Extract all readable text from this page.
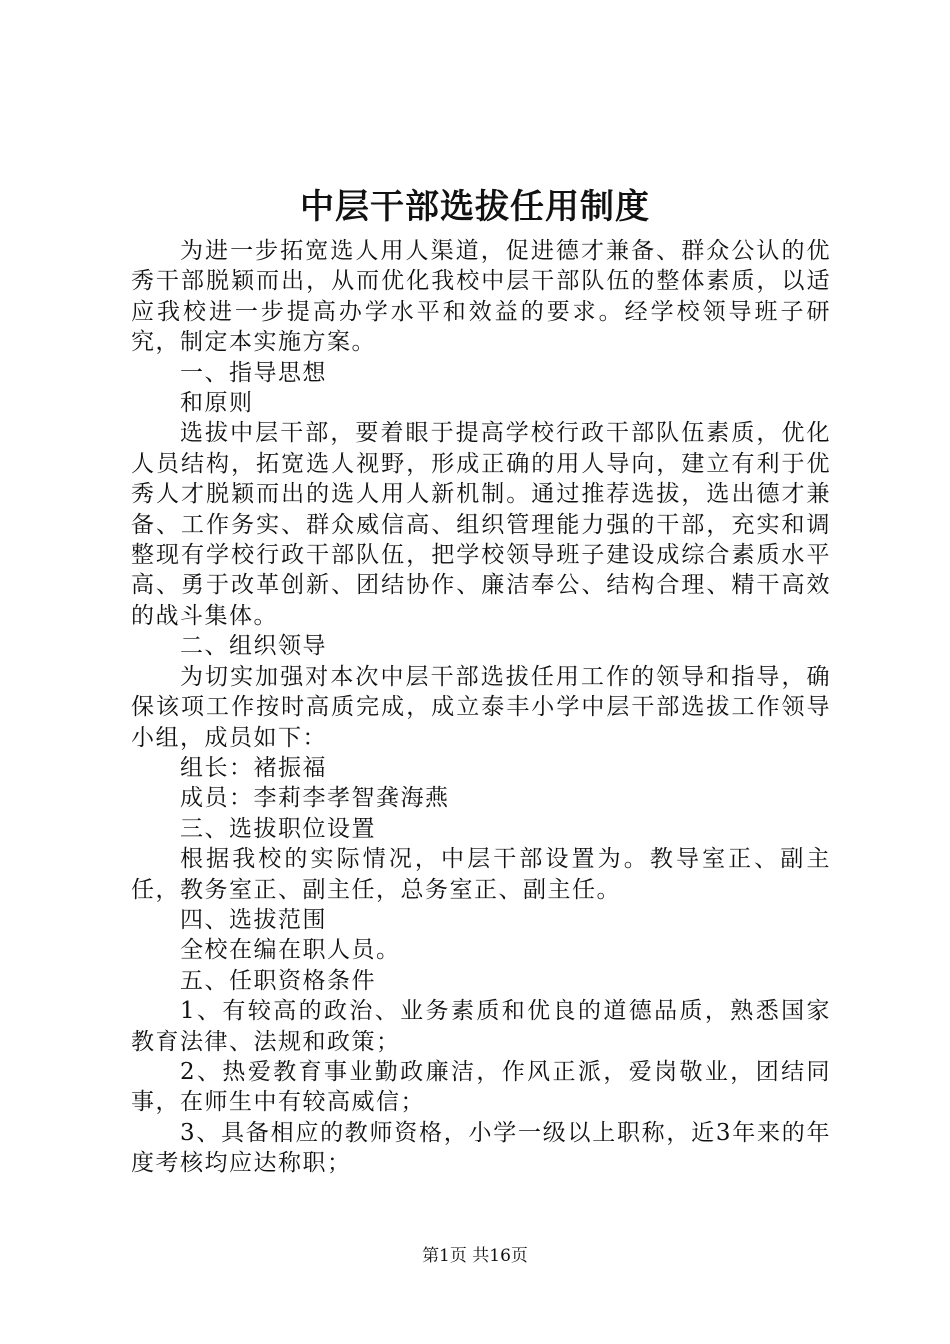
中层干部选拔任用制度

为进一步拓宽选人用人渠道，促进德才兼备、群众公认的优秀干部脱颖而出，从而优化我校中层干部队伍的整体素质，以适应我校进一步提高办学水平和效益的要求。经学校领导班子研究，制定本实施方案。

一、指导思想

和原则

选拔中层干部，要着眼于提高学校行政干部队伍素质，优化人员结构，拓宽选人视野，形成正确的用人导向，建立有利于优秀人才脱颖而出的选人用人新机制。通过推荐选拔，选出德才兼备、工作务实、群众威信高、组织管理能力强的干部，充实和调整现有学校行政干部队伍，把学校领导班子建设成综合素质水平高、勇于改革创新、团结协作、廉洁奉公、结构合理、精干高效的战斗集体。

二、组织领导

为切实加强对本次中层干部选拔任用工作的领导和指导，确保该项工作按时高质完成，成立泰丰小学中层干部选拔工作领导小组，成员如下：

组长：褚振福

成员：李莉李孝智龚海燕

三、选拔职位设置

根据我校的实际情况，中层干部设置为。教导室正、副主任，教务室正、副主任，总务室正、副主任。

四、选拔范围

全校在编在职人员。

五、任职资格条件

1、有较高的政治、业务素质和优良的道德品质，熟悉国家教育法律、法规和政策；

2、热爱教育事业勤政廉洁，作风正派，爱岗敬业，团结同事，在师生中有较高威信；

3、具备相应的教师资格，小学一级以上职称，近3年来的年度考核均应达称职；

第1页 共16页
